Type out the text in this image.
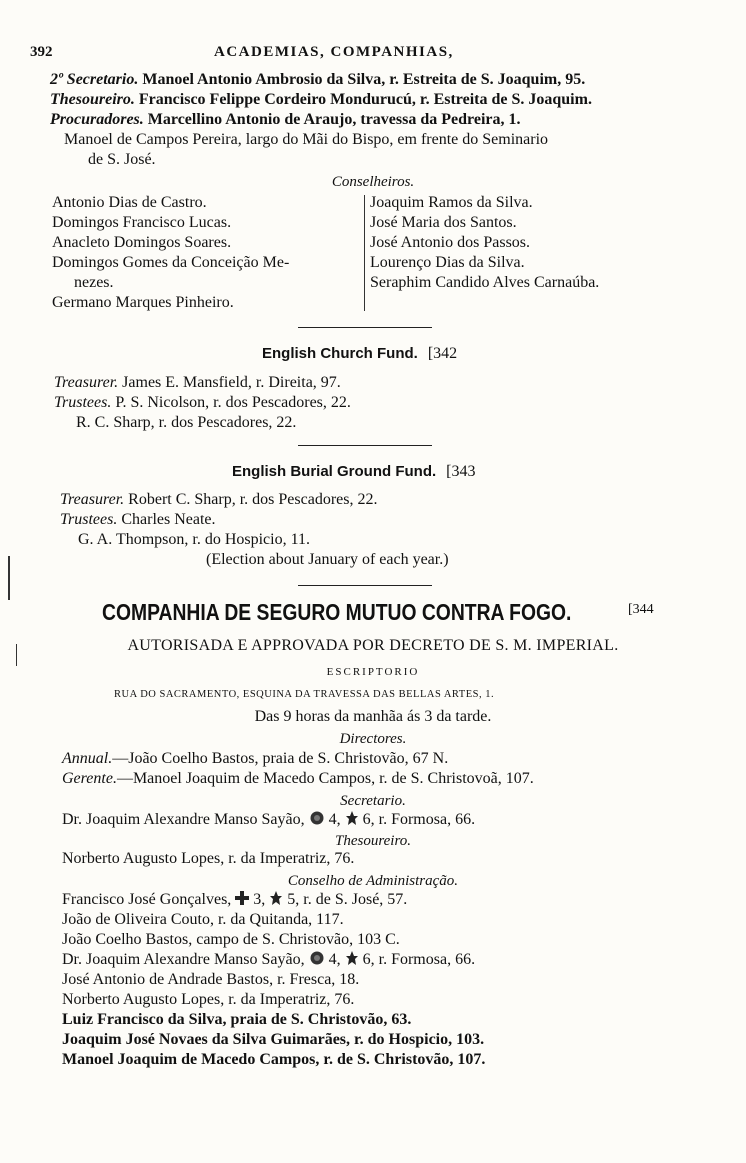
392	ACADEMIAS, COMPANHIAS,
2º Secretario. Manoel Antonio Ambrosio da Silva, r. Estreita de S. Joaquim, 95.
Thesoureiro. Francisco Felippe Cordeiro Mondurucú, r. Estreita de S. Joaquim.
Procuradores. Marcellino Antonio de Araujo, travessa da Pedreira, 1.
Manoel de Campos Pereira, largo do Mãi do Bispo, em frente do Seminario
de S. José.
Conselheiros.
Antonio Dias de Castro.
Domingos Francisco Lucas.
Anacleto Domingos Soares.
Domingos Gomes da Conceição Me-
nezes.
Germano Marques Pinheiro.
Joaquim Ramos da Silva.
José Maria dos Santos.
José Antonio dos Passos.
Lourenço Dias da Silva.
Seraphim Candido Alves Carnaúba.
English Church Fund. [342
Treasurer. James E. Mansfield, r. Direita, 97.
Trustees. P. S. Nicolson, r. dos Pescadores, 22.
R. C. Sharp, r. dos Pescadores, 22.
English Burial Ground Fund. [343
Treasurer. Robert C. Sharp, r. dos Pescadores, 22.
Trustees. Charles Neate.
G. A. Thompson, r. do Hospicio, 11.
(Election about January of each year.)
COMPANHIA DE SEGURO MUTUO CONTRA FOGO.	[344
AUTORISADA E APPROVADA POR DECRETO DE S. M. IMPERIAL.
ESCRIPTORIO
RUA DO SACRAMENTO, ESQUINA DA TRAVESSA DAS BELLAS ARTES, 1.
Das 9 horas da manhãa ás 3 da tarde.
Directores.
Annual.—João Coelho Bastos, praia de S. Christovão, 67 N.
Gerente.—Manoel Joaquim de Macedo Campos, r. de S. Christovoã, 107.
Secretario.
Dr. Joaquim Alexandre Manso Sayão, 4, 6, r. Formosa, 66.
Thesoureiro.
Norberto Augusto Lopes, r. da Imperatriz, 76.
Conselho de Administração.
Francisco José Gonçalves, 3, 5, r. de S. José, 57.
João de Oliveira Couto, r. da Quitanda, 117.
João Coelho Bastos, campo de S. Christovão, 103 C.
Dr. Joaquim Alexandre Manso Sayão, 4, 6, r. Formosa, 66.
José Antonio de Andrade Bastos, r. Fresca, 18.
Norberto Augusto Lopes, r. da Imperatriz, 76.
Luiz Francisco da Silva, praia de S. Christovão, 63.
Joaquim José Novaes da Silva Guimarães, r. do Hospicio, 103.
Manoel Joaquim de Macedo Campos, r. de S. Christovão, 107.
